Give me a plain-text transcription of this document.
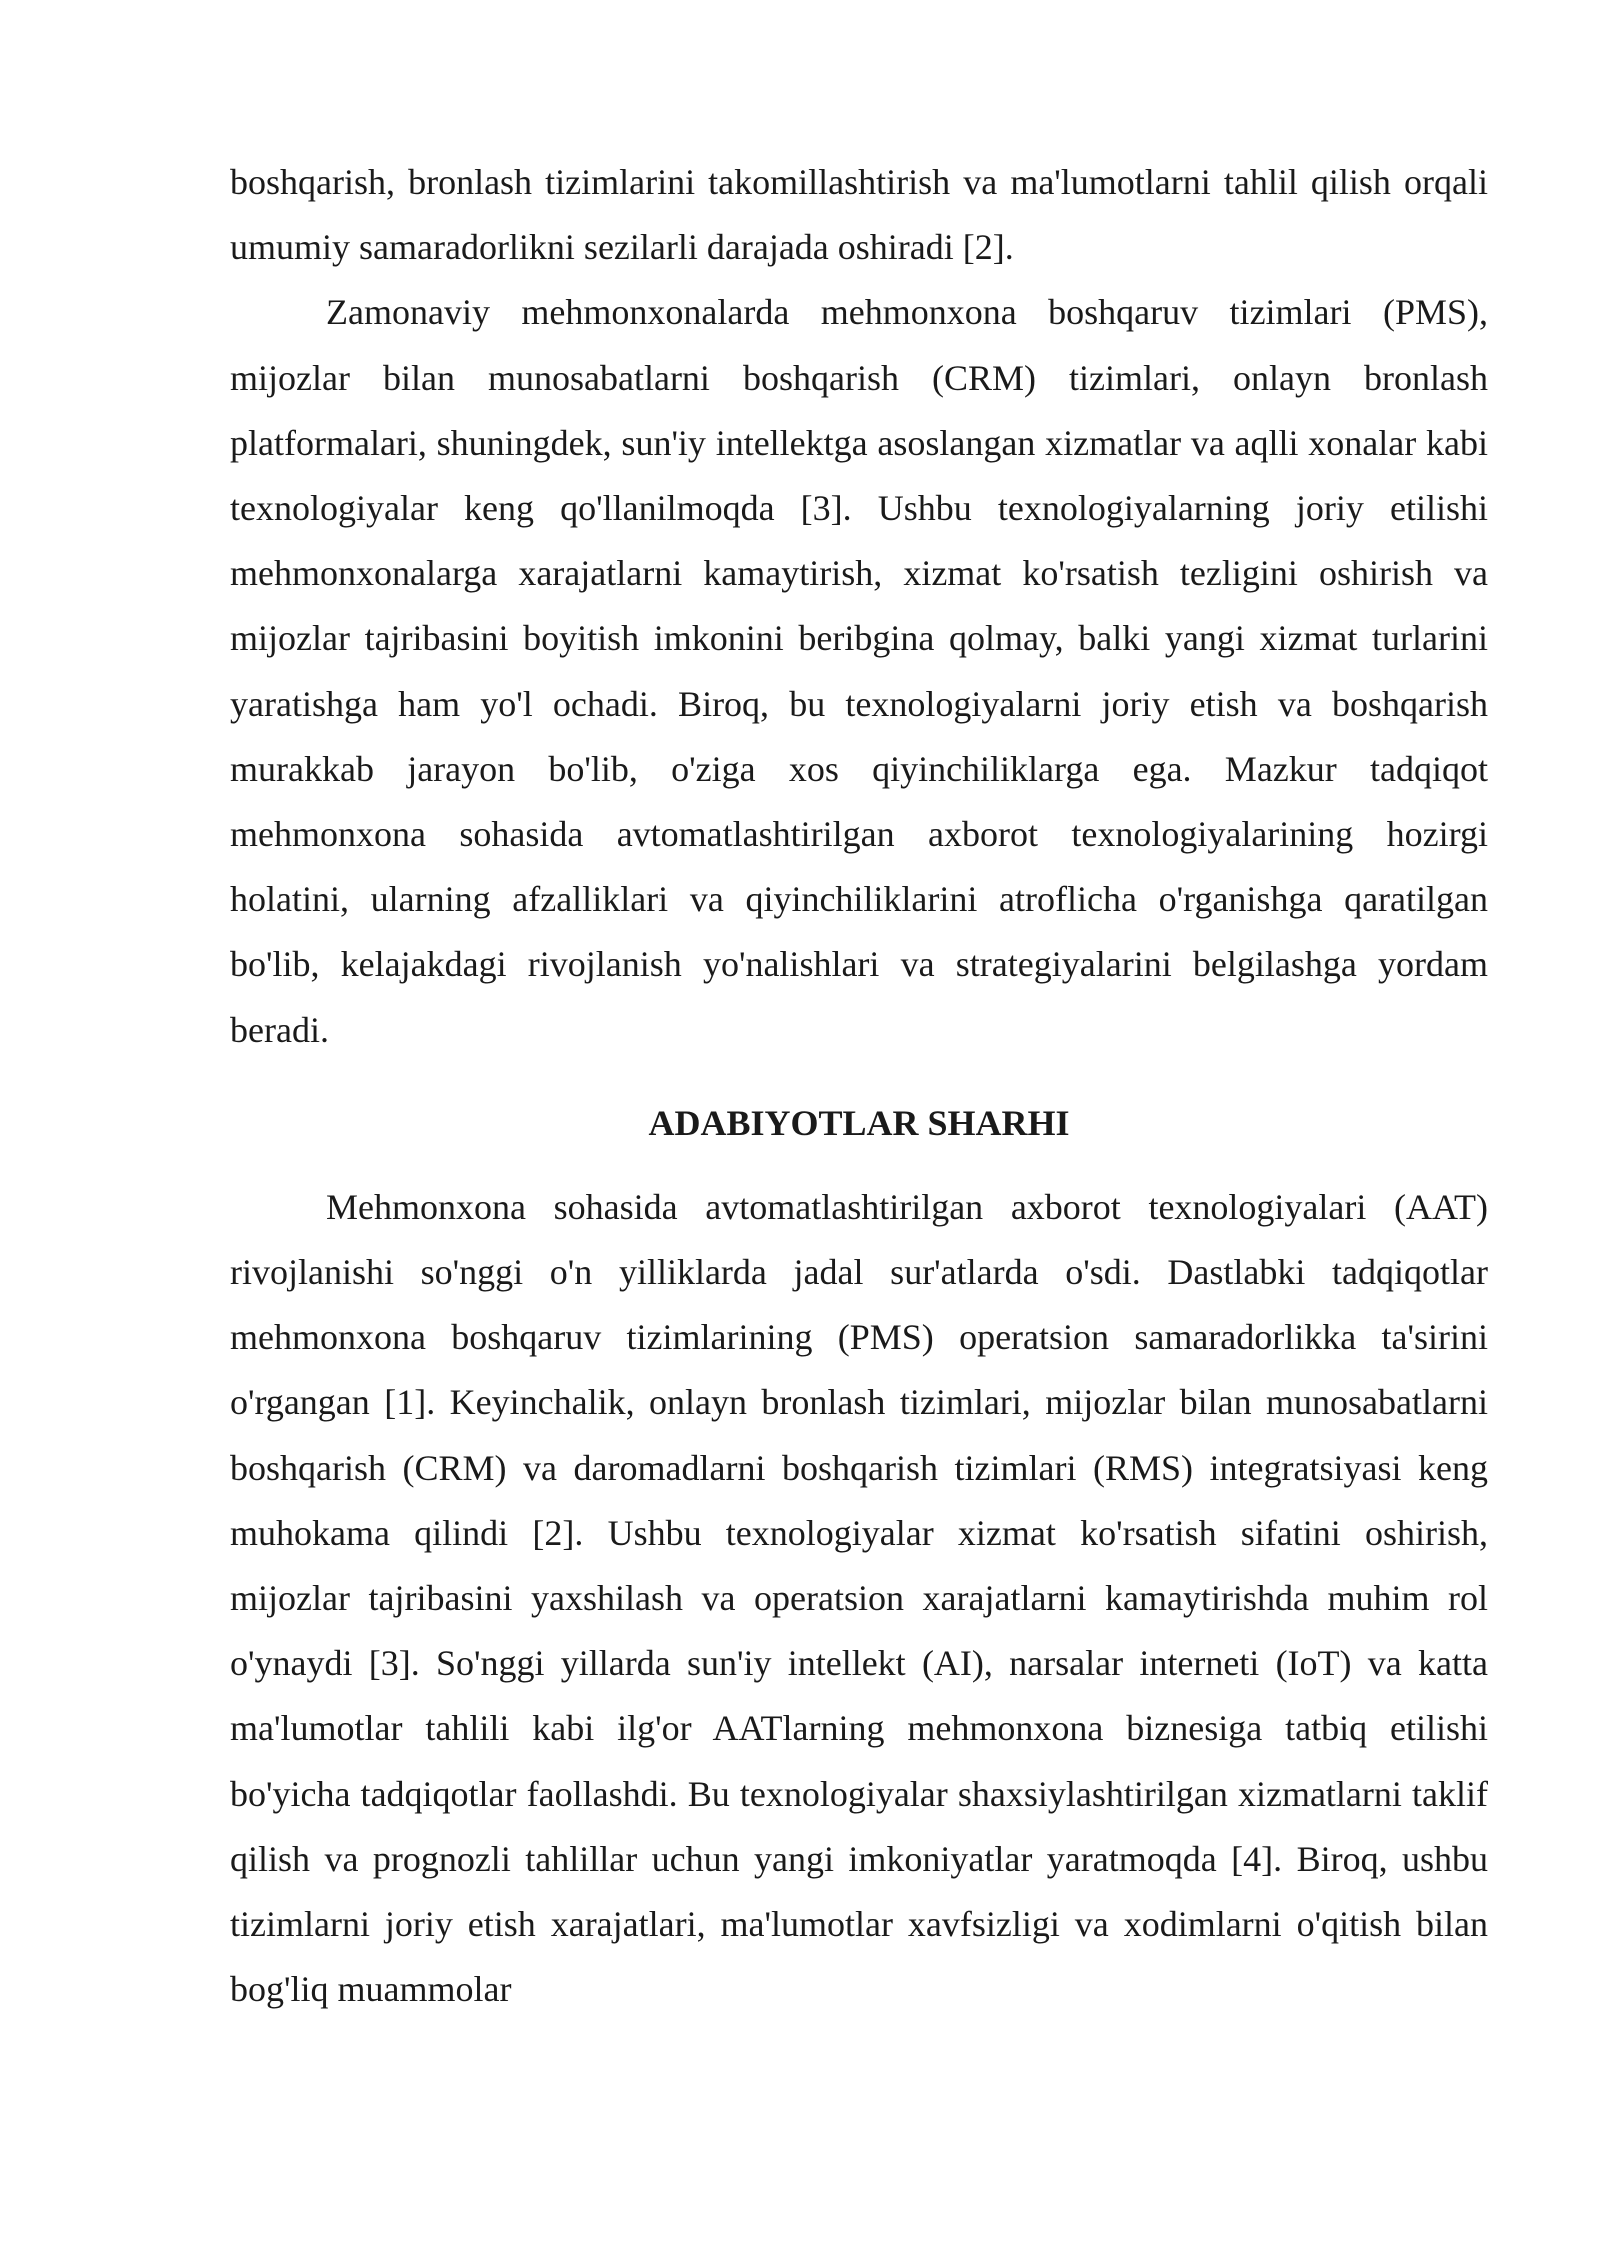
boshqarish, bronlash tizimlarini takomillashtirish va ma'lumotlarni tahlil qilish orqali umumiy samaradorlikni sezilarli darajada oshiradi [2].

Zamonaviy mehmonxonalarda mehmonxona boshqaruv tizimlari (PMS), mijozlar bilan munosabatlarni boshqarish (CRM) tizimlari, onlayn bronlash platformalari, shuningdek, sun'iy intellektga asoslangan xizmatlar va aqlli xonalar kabi texnologiyalar keng qo'llanilmoqda [3]. Ushbu texnologiyalarning joriy etilishi mehmonxonalarga xarajatlarni kamaytirish, xizmat ko'rsatish tezligini oshirish va mijozlar tajribasini boyitish imkonini beribgina qolmay, balki yangi xizmat turlarini yaratishga ham yo'l ochadi. Biroq, bu texnologiyalarni joriy etish va boshqarish murakkab jarayon bo'lib, o'ziga xos qiyinchiliklarga ega. Mazkur tadqiqot mehmonxona sohasida avtomatlashtirilgan axborot texnologiyalarining hozirgi holatini, ularning afzalliklari va qiyinchiliklarini atroflicha o'rganishga qaratilgan bo'lib, kelajakdagi rivojlanish yo'nalishlari va strategiyalarini belgilashga yordam beradi.

ADABIYOTLAR SHARHI

Mehmonxona sohasida avtomatlashtirilgan axborot texnologiyalari (AAT) rivojlanishi so'nggi o'n yilliklarda jadal sur'atlarda o'sdi. Dastlabki tadqiqotlar mehmonxona boshqaruv tizimlarining (PMS) operatsion samaradorlikka ta'sirini o'rgangan [1]. Keyinchalik, onlayn bronlash tizimlari, mijozlar bilan munosabatlarni boshqarish (CRM) va daromadlarni boshqarish tizimlari (RMS) integratsiyasi keng muhokama qilindi [2]. Ushbu texnologiyalar xizmat ko'rsatish sifatini oshirish, mijozlar tajribasini yaxshilash va operatsion xarajatlarni kamaytirishda muhim rol o'ynaydi [3]. So'nggi yillarda sun'iy intellekt (AI), narsalar interneti (IoT) va katta ma'lumotlar tahlili kabi ilg'or AATlarning mehmonxona biznesiga tatbiq etilishi bo'yicha tadqiqotlar faollashdi. Bu texnologiyalar shaxsiylashtirilgan xizmatlarni taklif qilish va prognozli tahlillar uchun yangi imkoniyatlar yaratmoqda [4]. Biroq, ushbu tizimlarni joriy etish xarajatlari, ma'lumotlar xavfsizligi va xodimlarni o'qitish bilan bog'liq muammolar
